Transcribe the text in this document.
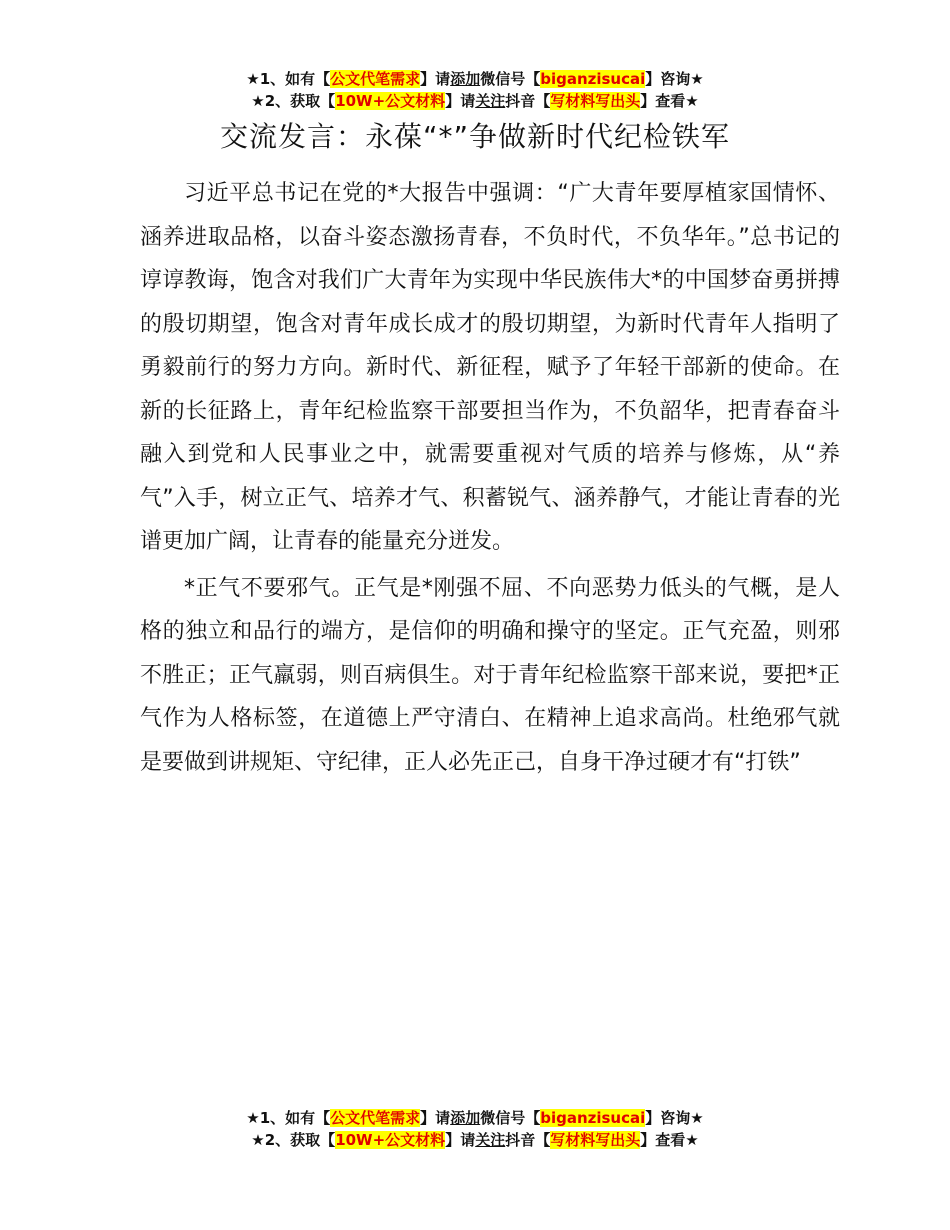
★1、如有【公文代笔需求】请添加微信号【biganzisucai】咨询★
★2、获取【10W+公文材料】请关注抖音【写材料写出头】查看★
交流发言：永葆“*”争做新时代纪检铁军

习近平总书记在党的*大报告中强调：“广大青年要厚植家国情怀、涵养进取品格，以奋斗姿态激扬青春，不负时代，不负华年。”总书记的谆谆教诲，饱含对我们广大青年为实现中华民族伟大*的中国梦奋勇拼搏的殷切期望，饱含对青年成长成才的殷切期望，为新时代青年人指明了勇毅前行的努力方向。新时代、新征程，赋予了年轻干部新的使命。在新的长征路上，青年纪检监察干部要担当作为，不负韶华，把青春奋斗融入到党和人民事业之中，就需要重视对气质的培养与修炼，从“养气”入手，树立正气、培养才气、积蓄锐气、涵养静气，才能让青春的光谱更加广阔，让青春的能量充分迸发。

*正气不要邪气。正气是*刚强不屈、不向恶势力低头的气概，是人格的独立和品行的端方，是信仰的明确和操守的坚定。正气充盈，则邪不胜正；正气羸弱，则百病俱生。对于青年纪检监察干部来说，要把*正气作为人格标签，在道德上严守清白、在精神上追求高尚。杜绝邪气就是要做到讲规矩、守纪律，正人必先正己，自身干净过硬才有“打铁”

★1、如有【公文代笔需求】请添加微信号【biganzisucai】咨询★
★2、获取【10W+公文材料】请关注抖音【写材料写出头】查看★
